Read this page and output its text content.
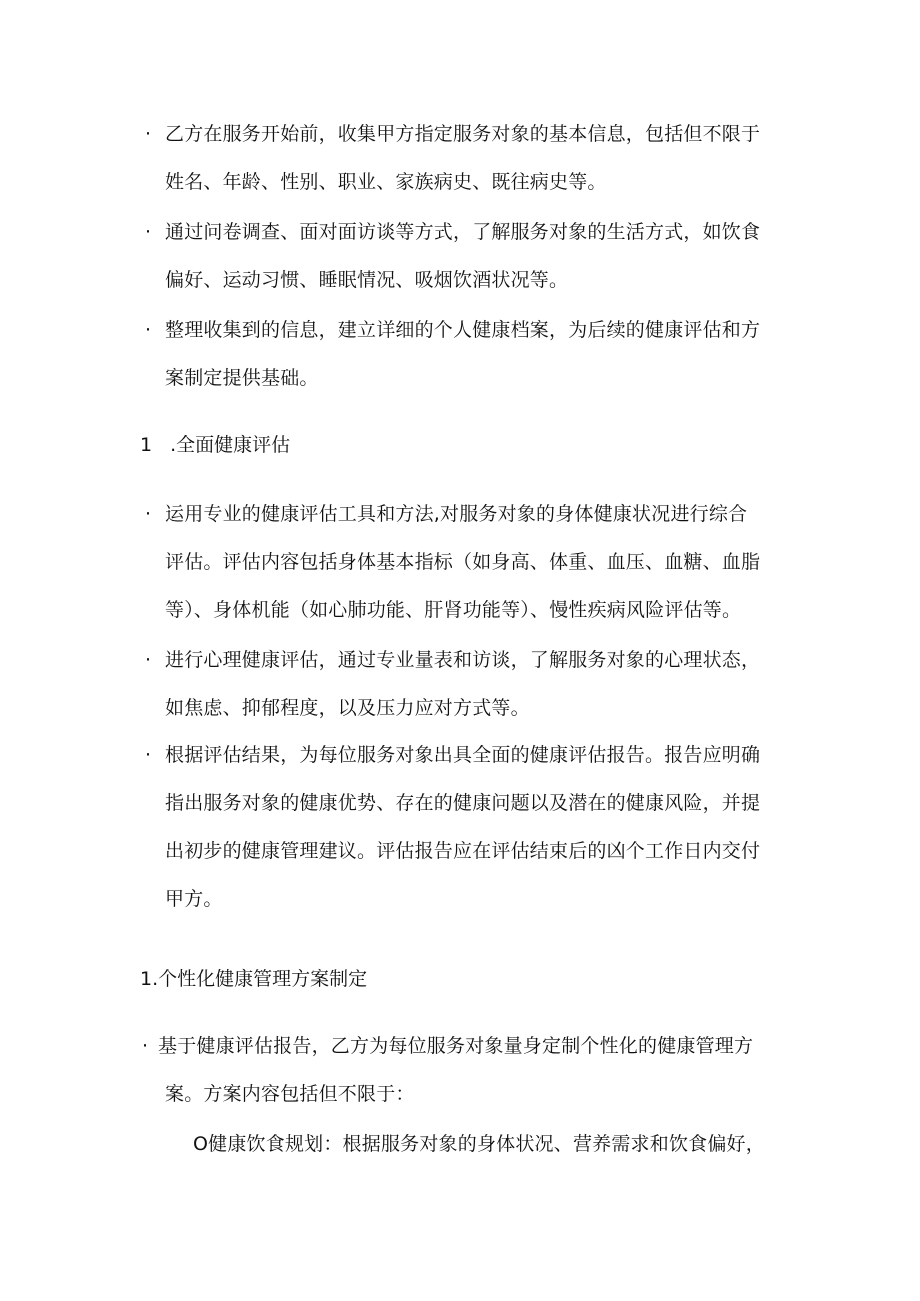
· 乙方在服务开始前，收集甲方指定服务对象的基本信息，包括但不限于
姓名、年龄、性别、职业、家族病史、既往病史等。
· 通过问卷调查、面对面访谈等方式，了解服务对象的生活方式，如饮食
偏好、运动习惯、睡眠情况、吸烟饮酒状况等。
· 整理收集到的信息，建立详细的个人健康档案，为后续的健康评估和方
案制定提供基础。
1 .全面健康评估
· 运用专业的健康评估工具和方法,对服务对象的身体健康状况进行综合
评估。评估内容包括身体基本指标（如身高、体重、血压、血糖、血脂
等）、身体机能（如心肺功能、肝肾功能等）、慢性疾病风险评估等。
· 进行心理健康评估，通过专业量表和访谈，了解服务对象的心理状态，
如焦虑、抑郁程度，以及压力应对方式等。
· 根据评估结果，为每位服务对象出具全面的健康评估报告。报告应明确
指出服务对象的健康优势、存在的健康问题以及潜在的健康风险，并提
出初步的健康管理建议。评估报告应在评估结束后的凶个工作日内交付
甲方。
1.个性化健康管理方案制定
· 基于健康评估报告，乙方为每位服务对象量身定制个性化的健康管理方
案。方案内容包括但不限于：
O健康饮食规划：根据服务对象的身体状况、营养需求和饮食偏好，
